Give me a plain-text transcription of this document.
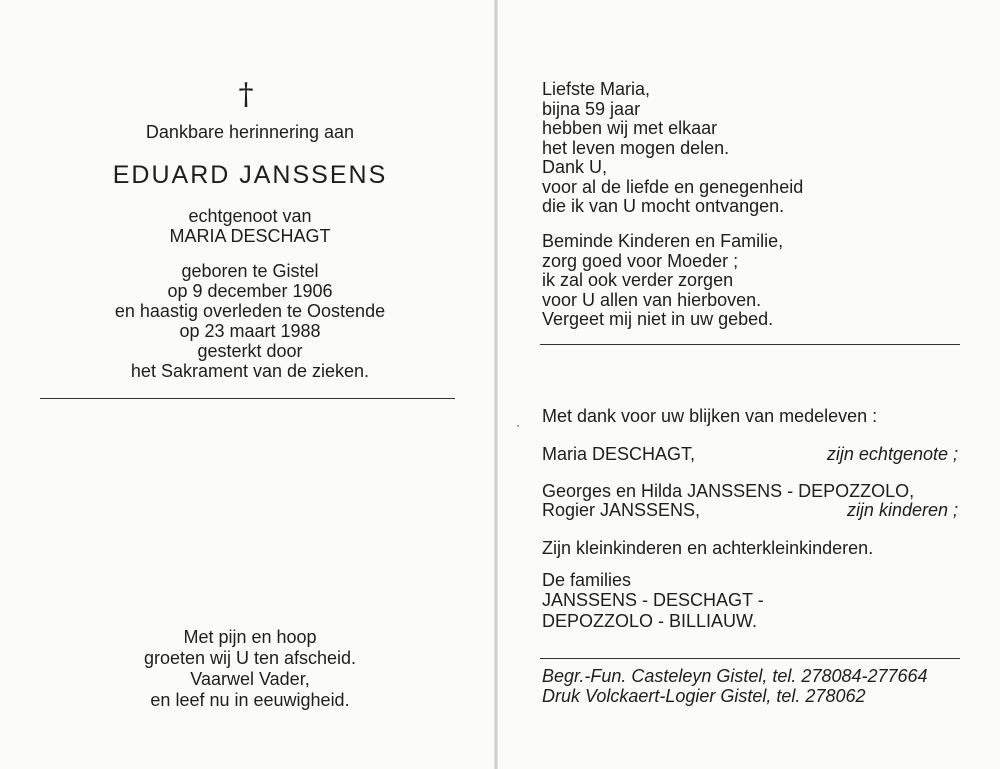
†
Dankbare herinnering aan
EDUARD JANSSENS
echtgenoot van
MARIA DESCHAGT
geboren te Gistel
op 9 december 1906
en haastig overleden te Oostende
op 23 maart 1988
gesterkt door
het Sakrament van de zieken.
Met pijn en hoop
groeten wij U ten afscheid.
Vaarwel Vader,
en leef nu in eeuwigheid.
Liefste Maria,
bijna 59 jaar
hebben wij met elkaar
het leven mogen delen.
Dank U,
voor al de liefde en genegenheid
die ik van U mocht ontvangen.
Beminde Kinderen en Familie,
zorg goed voor Moeder ;
ik zal ook verder zorgen
voor U allen van hierboven.
Vergeet mij niet in uw gebed.
Met dank voor uw blijken van medeleven :
Maria DESCHAGT,	zijn echtgenote ;
Georges en Hilda JANSSENS - DEPOZZOLO,
Rogier JANSSENS,	zijn kinderen ;
Zijn kleinkinderen en achterkleinkinderen.
De families
JANSSENS - DESCHAGT -
DEPOZZOLO - BILLIAUW.
Begr.-Fun. Casteleyn Gistel, tel. 278084-277664
Druk Volckaert-Logier Gistel, tel. 278062
